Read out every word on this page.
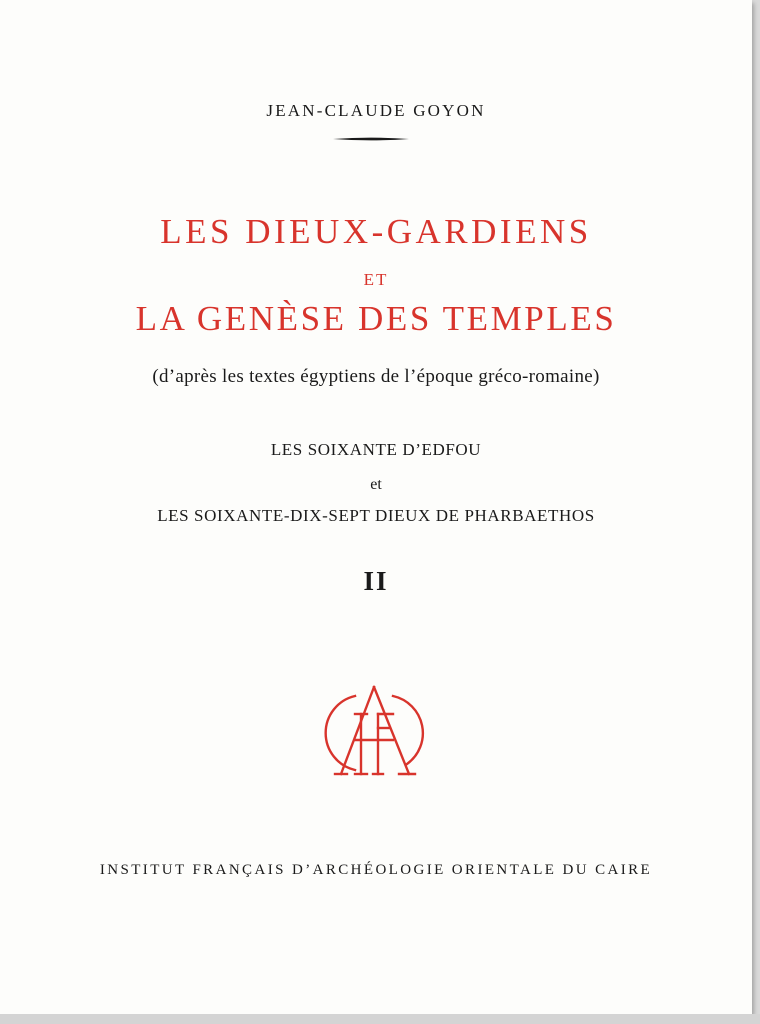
JEAN-CLAUDE GOYON
LES DIEUX-GARDIENS
ET
LA GENÈSE DES TEMPLES
(d’après les textes égyptiens de l’époque gréco-romaine)
LES SOIXANTE D’EDFOU
et
LES SOIXANTE-DIX-SEPT DIEUX DE PHARBAETHOS
II
INSTITUT FRANÇAIS D’ARCHÉOLOGIE ORIENTALE DU CAIRE
